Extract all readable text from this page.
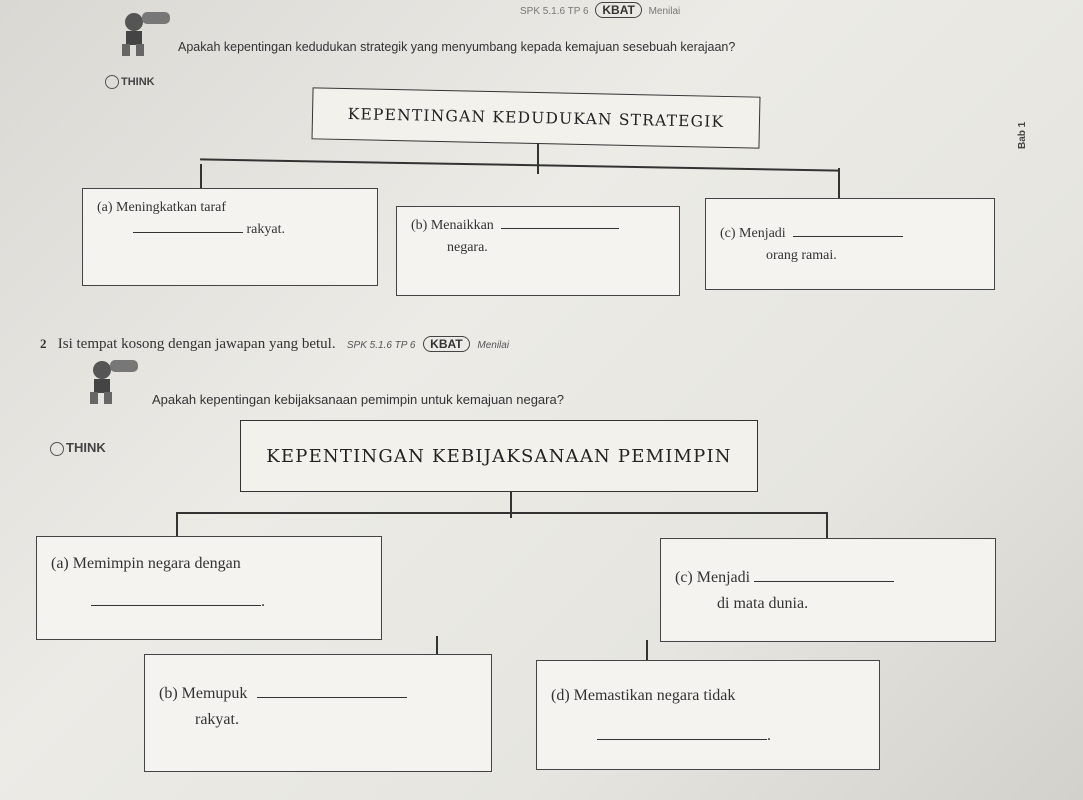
SPK 5.1.6 TP 6 KBAT Menilai
Apakah kepentingan kedudukan strategik yang menyumbang kepada kemajuan sesebuah kerajaan?
THINK
KEPENTINGAN KEDUDUKAN STRATEGIK
(a) Meningkatkan taraf
rakyat.	(b) Menaikkan
negara.
(c) Menjadi
orang ramai.
Bab 1
2 Isi tempat kosong dengan jawapan yang betul. SPK 5.1.6 TP 6 KBAT Menilai
Apakah kepentingan kebijaksanaan pemimpin untuk kemajuan negara?
THINK	KEPENTINGAN KEBIJAKSANAAN PEMIMPIN
(a) Memimpin negara dengan
.
(c) Menjadi
di mata dunia.
(b) Memupuk
rakyat.
(d) Memastikan negara tidak
.
